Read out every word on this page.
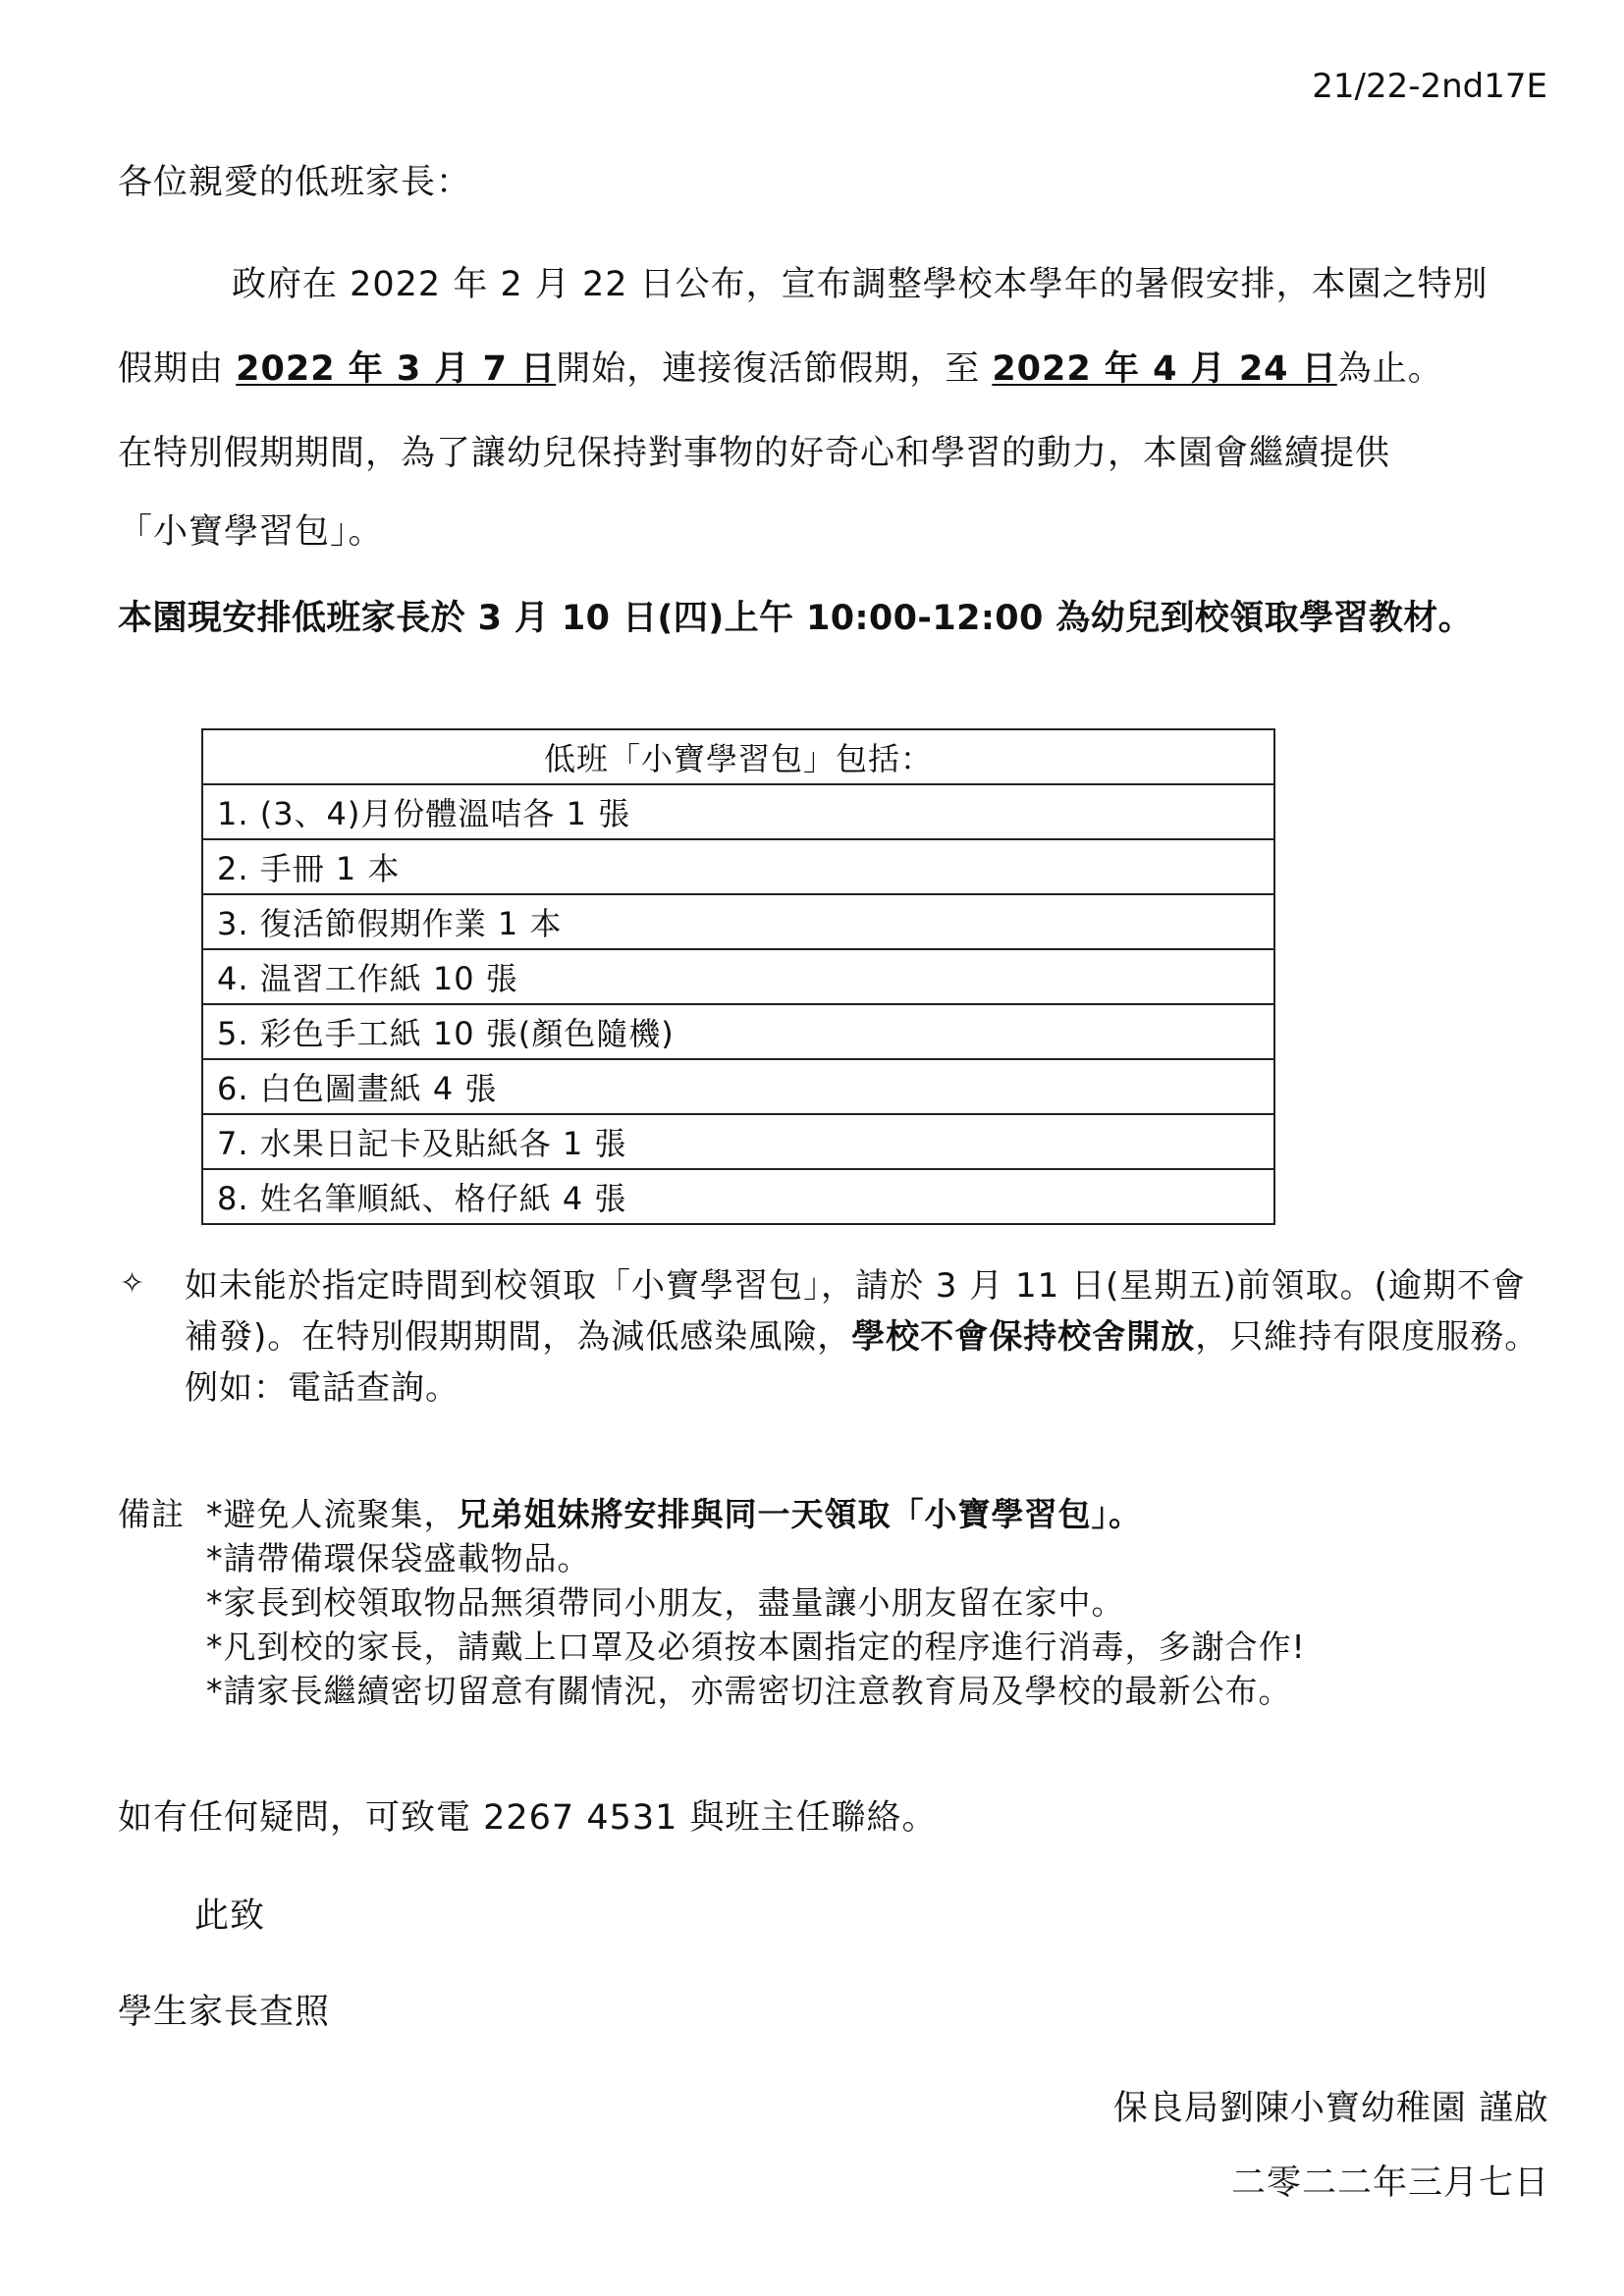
21/22-2nd17E
各位親愛的低班家長：
政府在 2022 年 2 月 22 日公布，宣布調整學校本學年的暑假安排，本園之特別
假期由 2022 年 3 月 7 日開始，連接復活節假期，至 2022 年 4 月 24 日為止。
在特別假期期間，為了讓幼兒保持對事物的好奇心和學習的動力，本園會繼續提供
「小寶學習包」。
本園現安排低班家長於 3 月 10 日(四)上午 10:00-12:00 為幼兒到校領取學習教材。
低班「小寶學習包」包括：
1. (3、4)月份體溫咭各 1 張
2. 手冊 1 本
3. 復活節假期作業 1 本
4. 温習工作紙 10 張
5. 彩色手工紙 10 張(顏色隨機)
6. 白色圖畫紙 4 張
7. 水果日記卡及貼紙各 1 張
8. 姓名筆順紙、格仔紙 4 張
✧ 如未能於指定時間到校領取「小寶學習包」，請於 3 月 11 日(星期五)前領取。(逾期不會
補發)。在特別假期期間，為減低感染風險，學校不會保持校舍開放，只維持有限度服務。
例如：電話查詢。
備註 *避免人流聚集，兄弟姐妹將安排與同一天領取「小寶學習包」。
*請帶備環保袋盛載物品。
*家長到校領取物品無須帶同小朋友，盡量讓小朋友留在家中。
*凡到校的家長，請戴上口罩及必須按本園指定的程序進行消毒，多謝合作!
*請家長繼續密切留意有關情況，亦需密切注意教育局及學校的最新公布。
如有任何疑問，可致電 2267 4531 與班主任聯絡。
此致
學生家長查照
保良局劉陳小寶幼稚園 謹啟
二零二二年三月七日
